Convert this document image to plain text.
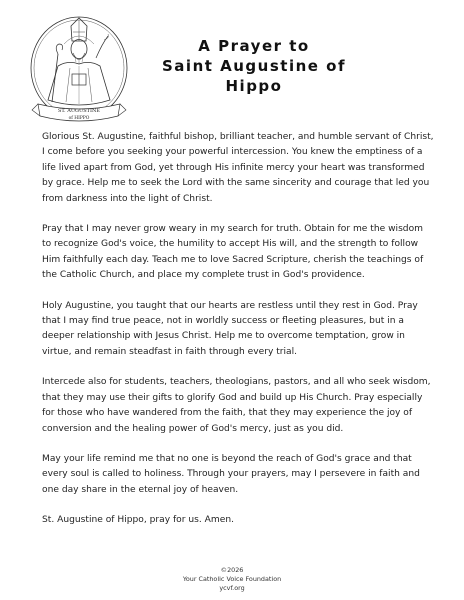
ST. AUGUSTINE
of HIPPO
A Prayer to
Saint Augustine of Hippo

Glorious St. Augustine, faithful bishop, brilliant teacher, and humble servant of Christ, I come before you seeking your powerful intercession. You knew the emptiness of a life lived apart from God, yet through His infinite mercy your heart was transformed by grace. Help me to seek the Lord with the same sincerity and courage that led you from darkness into the light of Christ.

Pray that I may never grow weary in my search for truth. Obtain for me the wisdom to recognize God's voice, the humility to accept His will, and the strength to follow Him faithfully each day. Teach me to love Sacred Scripture, cherish the teachings of the Catholic Church, and place my complete trust in God's providence.

Holy Augustine, you taught that our hearts are restless until they rest in God. Pray that I may find true peace, not in worldly success or fleeting pleasures, but in a deeper relationship with Jesus Christ. Help me to overcome temptation, grow in virtue, and remain steadfast in faith through every trial.

Intercede also for students, teachers, theologians, pastors, and all who seek wisdom, that they may use their gifts to glorify God and build up His Church. Pray especially for those who have wandered from the faith, that they may experience the joy of conversion and the healing power of God's mercy, just as you did.

May your life remind me that no one is beyond the reach of God's grace and that every soul is called to holiness. Through your prayers, may I persevere in faith and one day share in the eternal joy of heaven.

St. Augustine of Hippo, pray for us. Amen.

©2026
Your Catholic Voice Foundation
ycvf.org
